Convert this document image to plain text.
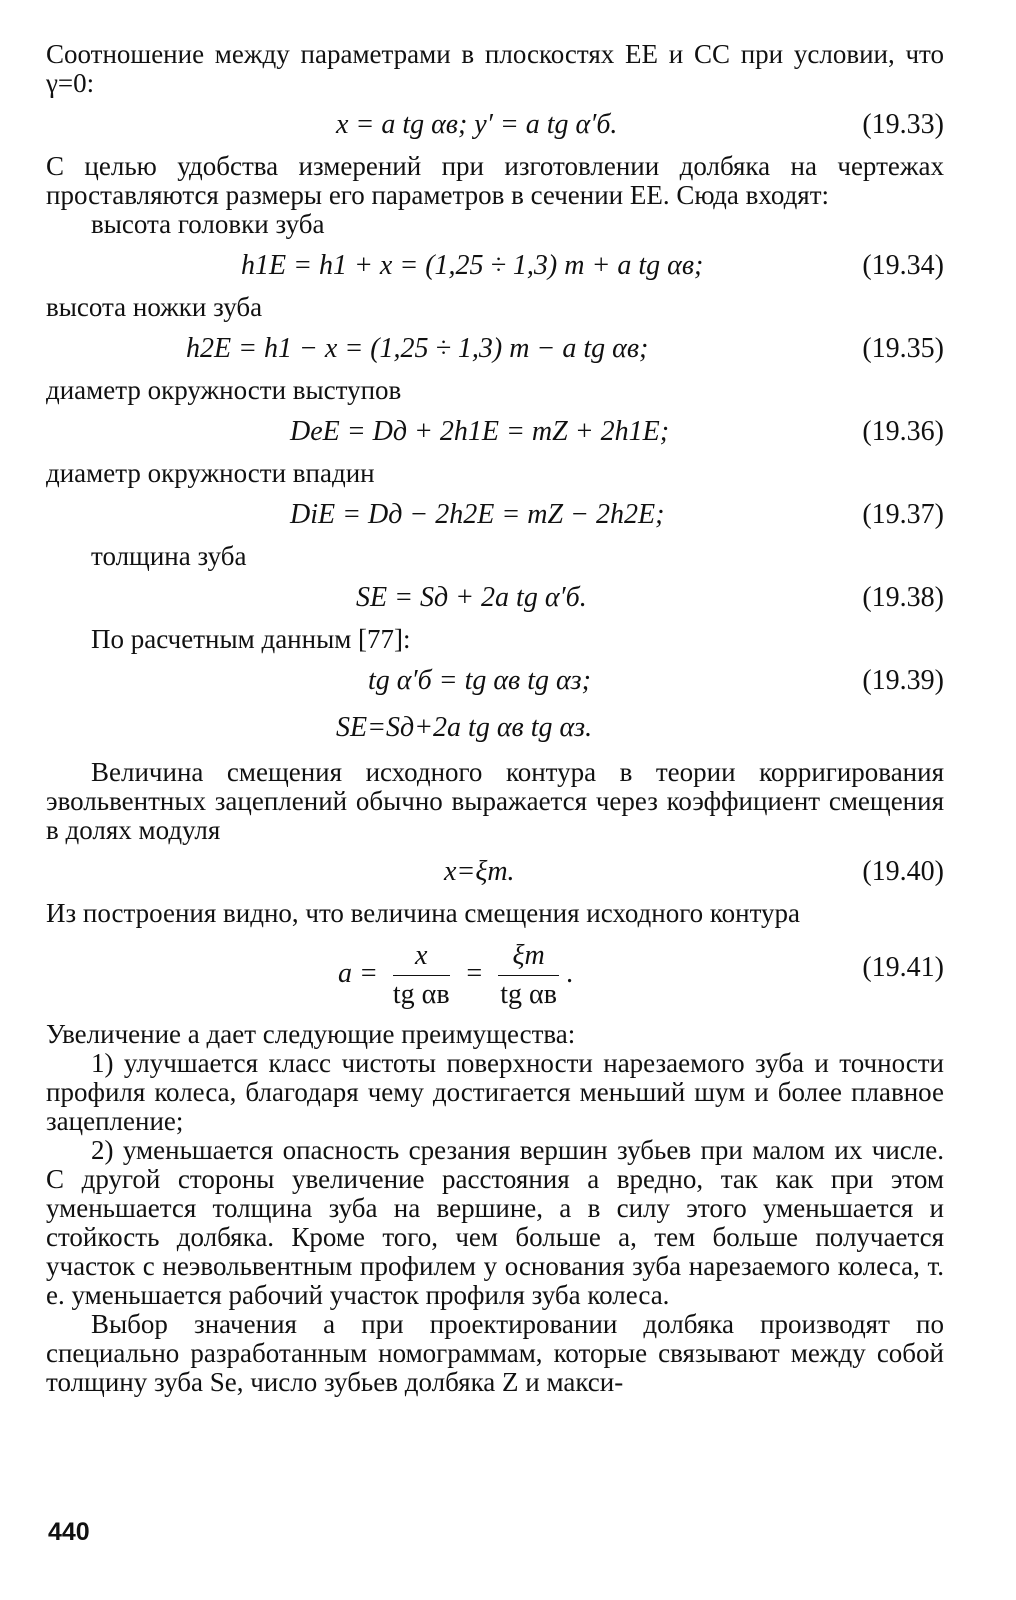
Соотношение между параметрами в плоскостях EE и CC при условии, что γ=0:

x = a tg αв; y′ = a tg α′б.	(19.33)

С целью удобства измерений при изготовлении долбяка на чертежах проставляются размеры его параметров в сечении EE. Сюда входят:

высота головки зуба
h1E = h1 + x = (1,25 ÷ 1,3) m + a tg αв;	(19.34)
высота ножки зуба
h2E = h1 − x = (1,25 ÷ 1,3) m − a tg αв;	(19.35)
диаметр окружности выступов
DeE = Dд + 2h1E = mZ + 2h1E;	(19.36)
диаметр окружности впадин
DiE = Dд − 2h2E = mZ − 2h2E;	(19.37)
толщина зуба
SE = Sд + 2a tg α′б.	(19.38)

По расчетным данным [77]:

tg α′б = tg αв tg αз;	(19.39)
SE=Sд+2a tg αв tg αз.

Величина смещения исходного контура в теории корригирования эвольвентных зацеплений обычно выражается через коэффициент смещения в долях модуля

x=ξm.	(19.40)

Из построения видно, что величина смещения исходного контура

$a = \frac{x}{\text{tg αв}} = \frac{\xi m}{\text{tg αв}}$ .	(19.41)

Увеличение a дает следующие преимущества:

1) улучшается класс чистоты поверхности нарезаемого зуба и точности профиля колеса, благодаря чему достигается меньший шум и более плавное зацепление;

2) уменьшается опасность срезания вершин зубьев при малом их числе. С другой стороны увеличение расстояния a вредно, так как при этом уменьшается толщина зуба на вершине, а в силу этого уменьшается и стойкость долбяка. Кроме того, чем больше a, тем больше получается участок с неэвольвентным профилем у основания зуба нарезаемого колеса, т. е. уменьшается рабочий участок профиля зуба колеса.

Выбор значения a при проектировании долбяка производят по специально разработанным номограммам, которые связывают между собой толщину зуба Se, число зубьев долбяка Z и макси-

440
